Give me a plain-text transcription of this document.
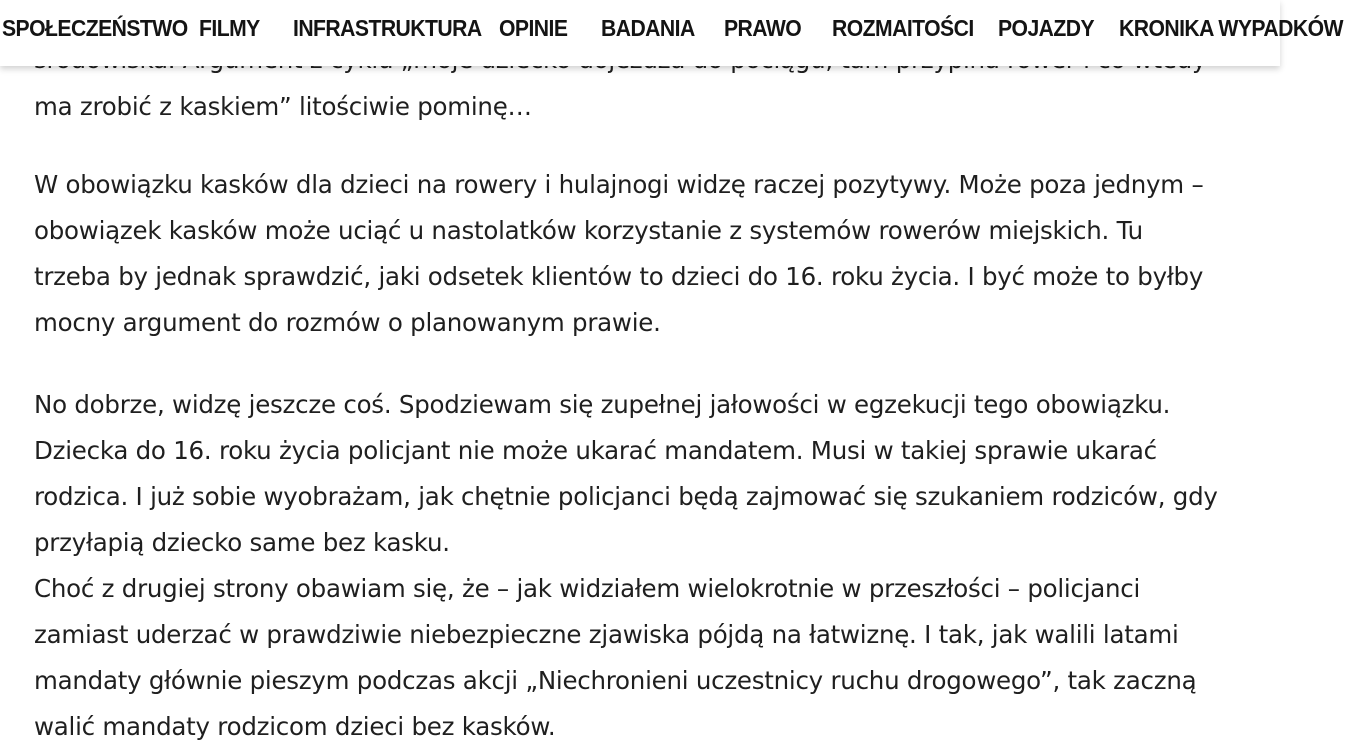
ma zrobić z kaskiem” litościwie pominę…

W obowiązku kasków dla dzieci na rowery i hulajnogi widzę raczej pozytywy. Może poza jednym –
obowiązek kasków może uciąć u nastolatków korzystanie z systemów rowerów miejskich. Tu
trzeba by jednak sprawdzić, jaki odsetek klientów to dzieci do 16. roku życia. I być może to byłby
mocny argument do rozmów o planowanym prawie.

No dobrze, widzę jeszcze coś. Spodziewam się zupełnej jałowości w egzekucji tego obowiązku.
Dziecka do 16. roku życia policjant nie może ukarać mandatem. Musi w takiej sprawie ukarać
rodzica. I już sobie wyobrażam, jak chętnie policjanci będą zajmować się szukaniem rodziców, gdy
przyłapią dziecko same bez kasku.

Choć z drugiej strony obawiam się, że – jak widziałem wielokrotnie w przeszłości – policjanci
zamiast uderzać w prawdziwie niebezpieczne zjawiska pójdą na łatwiznę. I tak, jak walili latami
mandaty głównie pieszym podczas akcji „Niechronieni uczestnicy ruchu drogowego”, tak zaczną

walić mandaty rodzicom dzieci bez kasków.
SPOŁECZEŃSTWO FILMY	INFRASTRUKTURA OPINIE	BADANIA	PRAWO	ROZMAITOŚCI	POJAZDY	KRONIKA WYPADKÓW
